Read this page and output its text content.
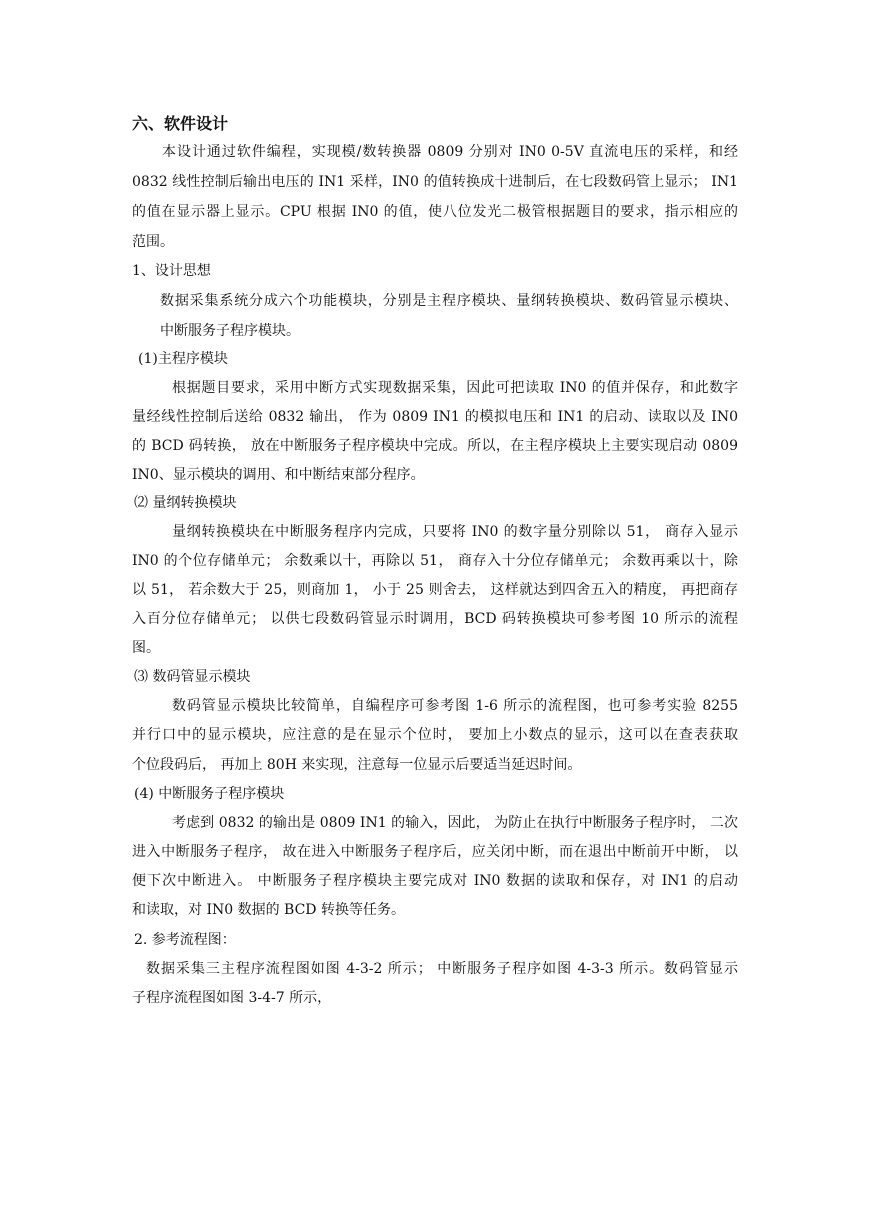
六、软件设计
本设计通过软件编程，实现模/数转换器 0809 分别对 IN0 0-5V 直流电压的采样，和经
0832 线性控制后输出电压的 IN1 采样，IN0 的值转换成十进制后，在七段数码管上显示； IN1
的值在显示器上显示。CPU 根据 IN0 的值，使八位发光二极管根据题目的要求，指示相应的
范围。
1、设计思想
数据采集系统分成六个功能模块，分别是主程序模块、量纲转换模块、数码管显示模块、
中断服务子程序模块。
(1)主程序模块
根据题目要求，采用中断方式实现数据采集，因此可把读取 IN0 的值并保存，和此数字
量经线性控制后送给 0832 输出， 作为 0809 IN1 的模拟电压和 IN1 的启动、读取以及 IN0
的 BCD 码转换， 放在中断服务子程序模块中完成。所以，在主程序模块上主要实现启动 0809
IN0、显示模块的调用、和中断结束部分程序。
⑵ 量纲转换模块
量纲转换模块在中断服务程序内完成，只要将 IN0 的数字量分别除以 51， 商存入显示
IN0 的个位存储单元； 余数乘以十，再除以 51， 商存入十分位存储单元； 余数再乘以十，除
以 51， 若余数大于 25，则商加 1， 小于 25 则舍去， 这样就达到四舍五入的精度， 再把商存
入百分位存储单元； 以供七段数码管显示时调用，BCD 码转换模块可参考图 10 所示的流程
图。
⑶ 数码管显示模块
数码管显示模块比较简单，自编程序可参考图 1-6 所示的流程图，也可参考实验 8255
并行口中的显示模块，应注意的是在显示个位时， 要加上小数点的显示，这可以在查表获取
个位段码后， 再加上 80H 来实现，注意每一位显示后要适当延迟时间。
(4) 中断服务子程序模块
考虑到 0832 的输出是 0809 IN1 的输入，因此， 为防止在执行中断服务子程序时， 二次
进入中断服务子程序， 故在进入中断服务子程序后，应关闭中断，而在退出中断前开中断， 以
便下次中断进入。 中断服务子程序模块主要完成对 IN0 数据的读取和保存，对 IN1 的启动
和读取，对 IN0 数据的 BCD 转换等任务。
2. 参考流程图：
数据采集三主程序流程图如图 4-3-2 所示； 中断服务子程序如图 4-3-3 所示。数码管显示
子程序流程图如图 3-4-7 所示，
